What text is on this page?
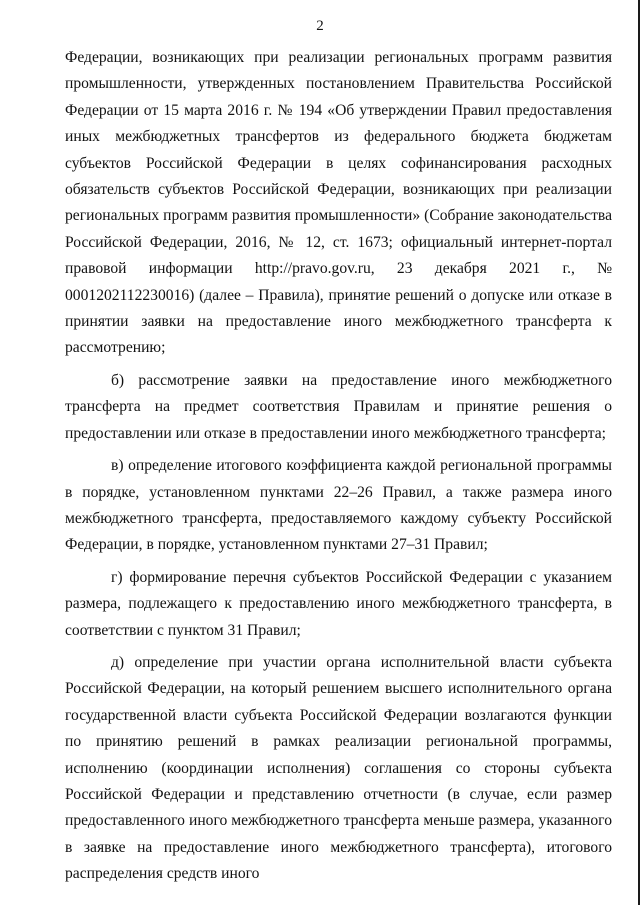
2

Федерации, возникающих при реализации региональных программ развития промышленности, утвержденных постановлением Правительства Российской Федерации от 15 марта 2016 г. № 194 «Об утверждении Правил предоставления иных межбюджетных трансфертов из федерального бюджета бюджетам субъектов Российской Федерации в целях софинансирования расходных обязательств субъектов Российской Федерации, возникающих при реализации региональных программ развития промышленности» (Собрание законодательства Российской Федерации, 2016, № 12, ст. 1673; официальный интернет-портал правовой информации http://pravo.gov.ru, 23 декабря 2021 г., № 0001202112230016) (далее – Правила), принятие решений о допуске или отказе в принятии заявки на предоставление иного межбюджетного трансферта к рассмотрению;

б) рассмотрение заявки на предоставление иного межбюджетного трансферта на предмет соответствия Правилам и принятие решения о предоставлении или отказе в предоставлении иного межбюджетного трансферта;

в) определение итогового коэффициента каждой региональной программы в порядке, установленном пунктами 22–26 Правил, а также размера иного межбюджетного трансферта, предоставляемого каждому субъекту Российской Федерации, в порядке, установленном пунктами 27–31 Правил;

г) формирование перечня субъектов Российской Федерации с указанием размера, подлежащего к предоставлению иного межбюджетного трансферта, в соответствии с пунктом 31 Правил;

д) определение при участии органа исполнительной власти субъекта Российской Федерации, на который решением высшего исполнительного органа государственной власти субъекта Российской Федерации возлагаются функции по принятию решений в рамках реализации региональной программы, исполнению (координации исполнения) соглашения со стороны субъекта Российской Федерации и представлению отчетности (в случае, если размер предоставленного иного межбюджетного трансферта меньше размера, указанного в заявке на предоставление иного межбюджетного трансферта), итогового распределения средств иного
